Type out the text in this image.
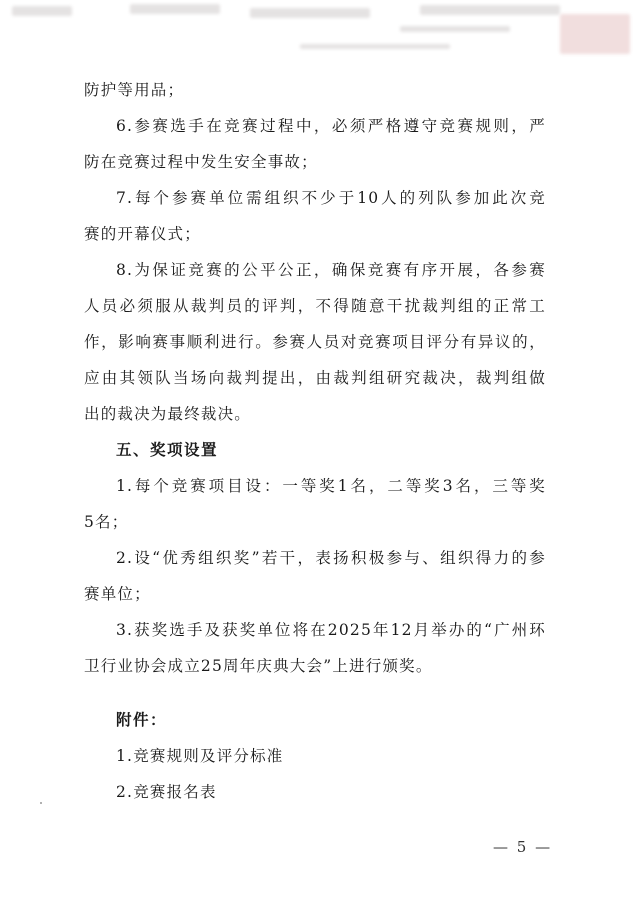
防护等用品；
6.参赛选手在竞赛过程中，必须严格遵守竞赛规则，严
防在竞赛过程中发生安全事故；
7.每个参赛单位需组织不少于10人的列队参加此次竞
赛的开幕仪式；
8.为保证竞赛的公平公正，确保竞赛有序开展，各参赛
人员必须服从裁判员的评判，不得随意干扰裁判组的正常工
作，影响赛事顺利进行。参赛人员对竞赛项目评分有异议的，
应由其领队当场向裁判提出，由裁判组研究裁决，裁判组做
出的裁决为最终裁决。
五、奖项设置
1.每个竞赛项目设：一等奖1名，二等奖3名，三等奖
5名；
2.设“优秀组织奖”若干，表扬积极参与、组织得力的参
赛单位；
3.获奖选手及获奖单位将在2025年12月举办的“广州环
卫行业协会成立25周年庆典大会”上进行颁奖。
附件：
1.竞赛规则及评分标准
2.竞赛报名表
— 5 —
